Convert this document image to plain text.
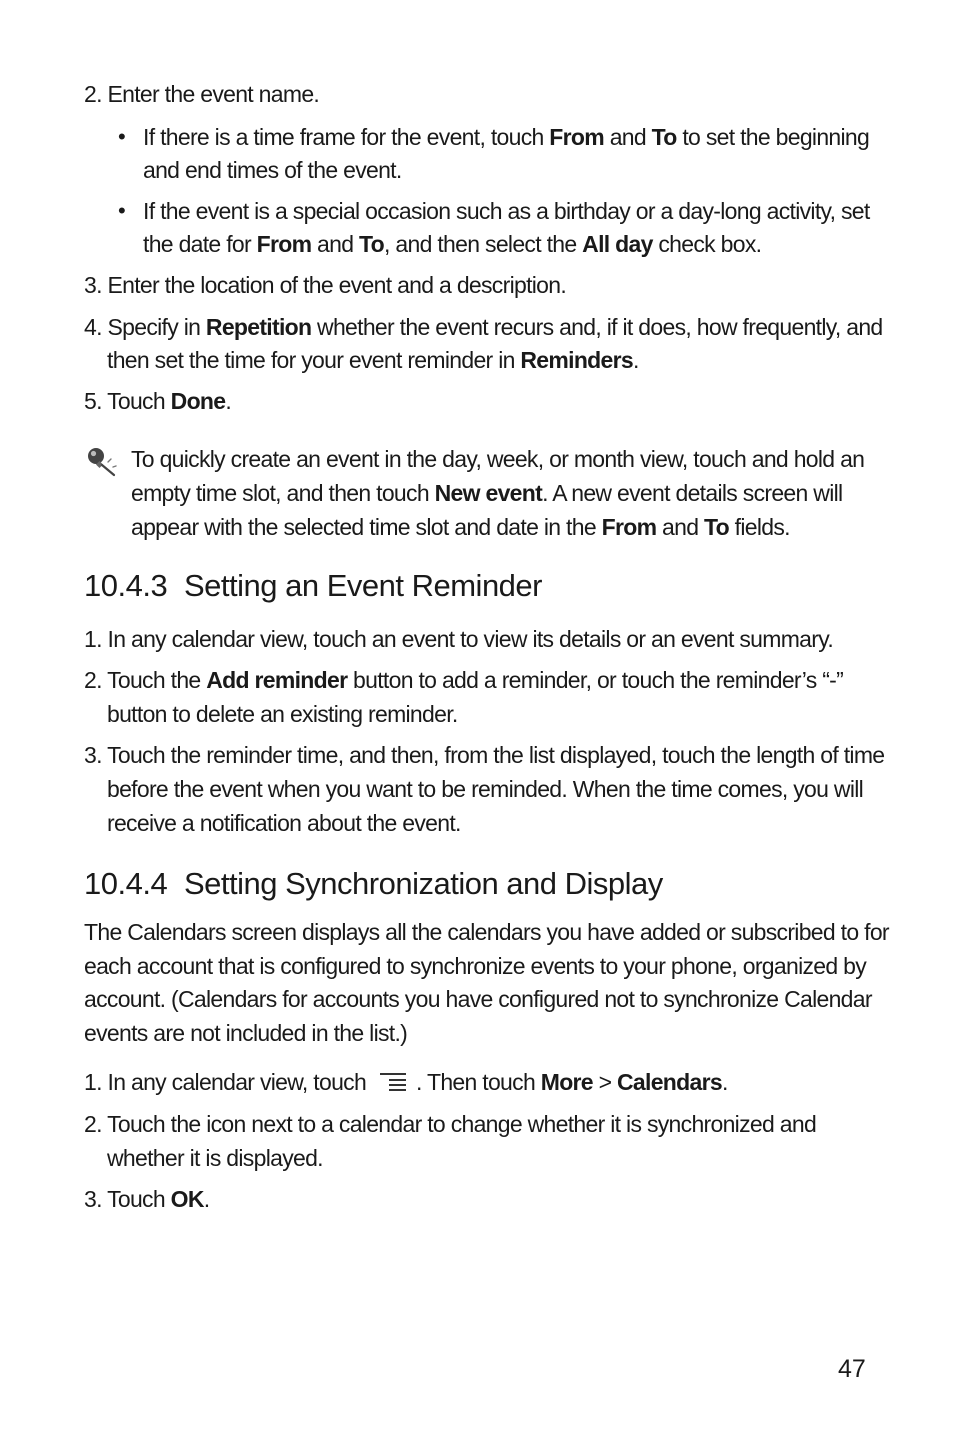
2. Enter the event name.
• If there is a time frame for the event, touch From and To to set the beginning
and end times of the event.
• If the event is a special occasion such as a birthday or a day-long activity, set
the date for From and To, and then select the All day check box.
3. Enter the location of the event and a description.
4. Specify in Repetition whether the event recurs and, if it does, how frequently, and
then set the time for your event reminder in Reminders.
5. Touch Done.
To quickly create an event in the day, week, or month view, touch and hold an
empty time slot, and then touch New event. A new event details screen will
appear with the selected time slot and date in the From and To fields.
10.4.3 Setting an Event Reminder
1. In any calendar view, touch an event to view its details or an event summary.
2. Touch the Add reminder button to add a reminder, or touch the reminder’s “-”
button to delete an existing reminder.
3. Touch the reminder time, and then, from the list displayed, touch the length of time
before the event when you want to be reminded. When the time comes, you will
receive a notification about the event.
10.4.4 Setting Synchronization and Display
The Calendars screen displays all the calendars you have added or subscribed to for
each account that is configured to synchronize events to your phone, organized by
account. (Calendars for accounts you have configured not to synchronize Calendar
events are not included in the list.)
1. In any calendar view, touch . Then touch More > Calendars.
2. Touch the icon next to a calendar to change whether it is synchronized and
whether it is displayed.
3. Touch OK.
47
